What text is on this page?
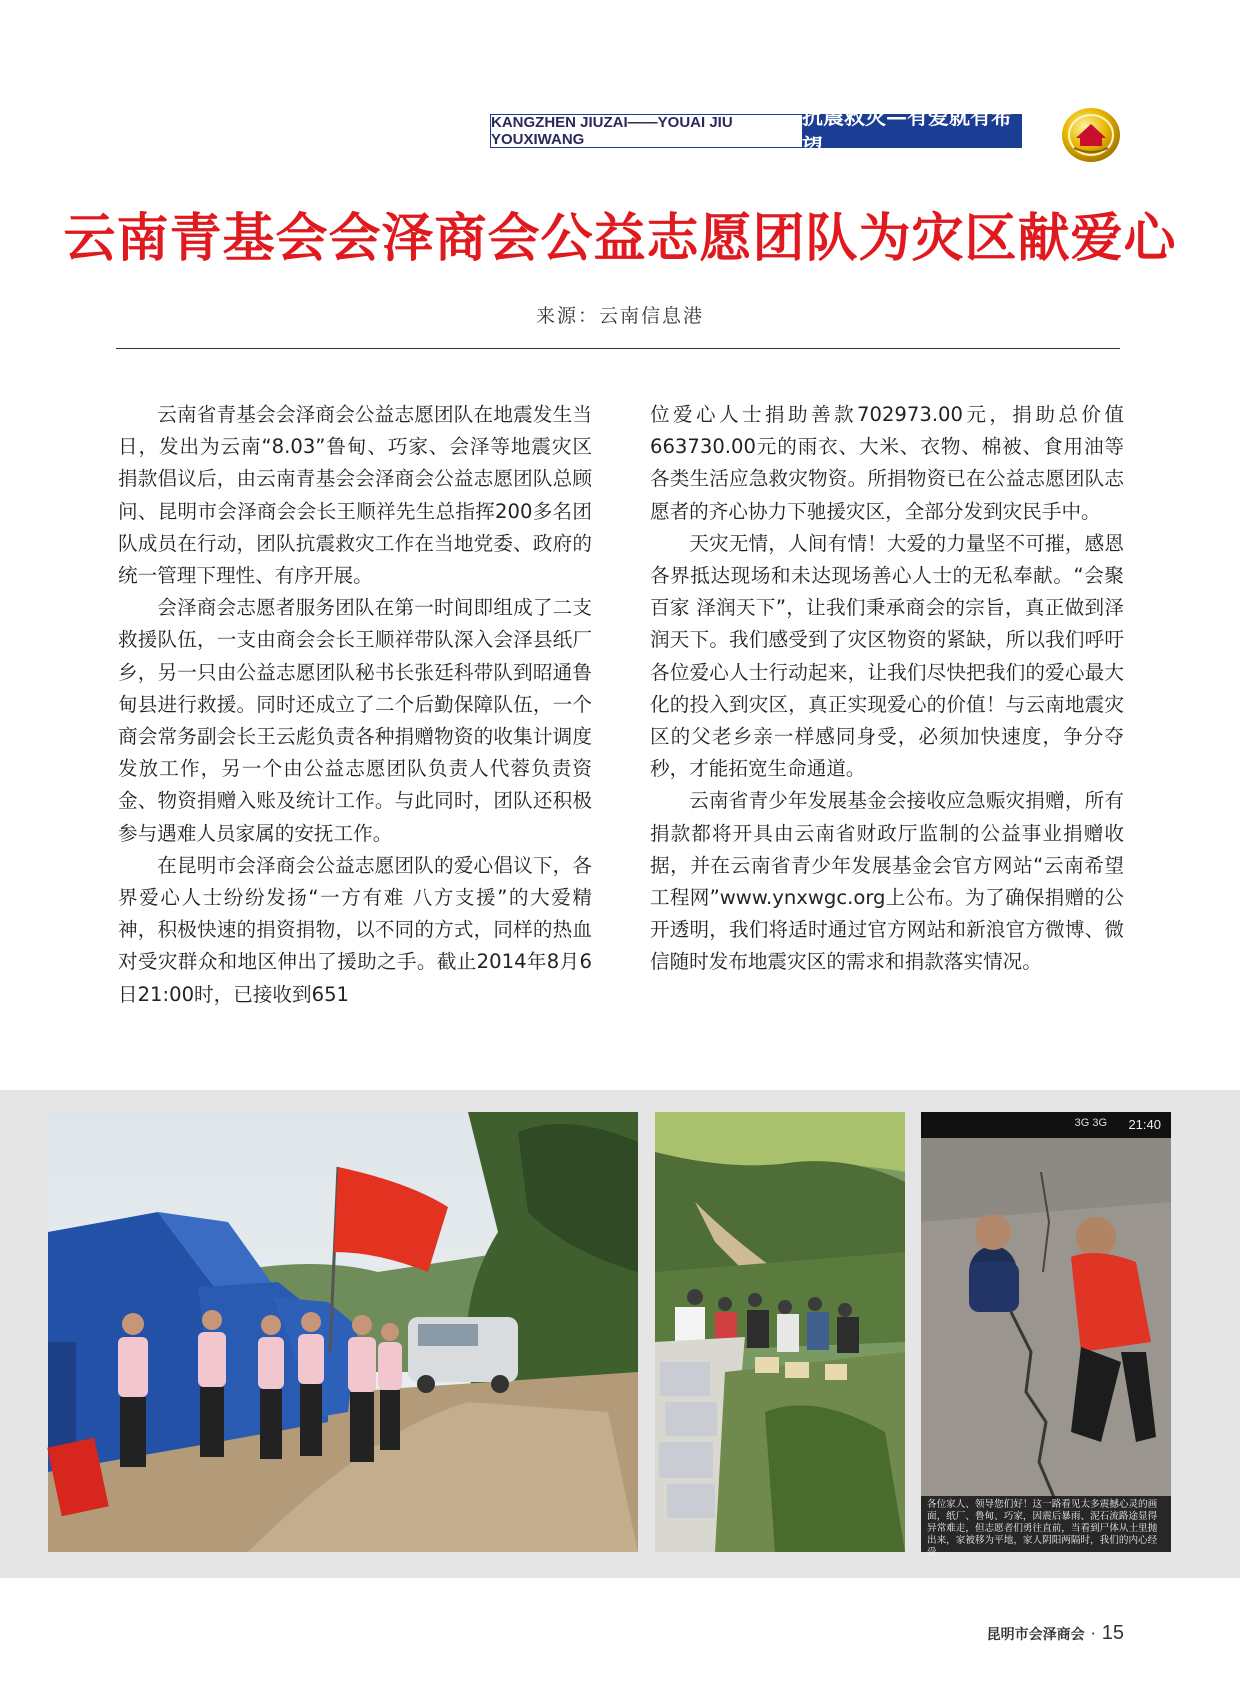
KANGZHEN JIUZAI——YOUAI JIU YOUXIWANG
抗震救灾—有爱就有希望
云南青基会会泽商会公益志愿团队为灾区献爱心
来源：云南信息港

云南省青基会会泽商会公益志愿团队在地震发生当日，发出为云南“8.03”鲁甸、巧家、会泽等地震灾区捐款倡议后，由云南青基会会泽商会公益志愿团队总顾问、昆明市会泽商会会长王顺祥先生总指挥200多名团队成员在行动，团队抗震救灾工作在当地党委、政府的统一管理下理性、有序开展。

会泽商会志愿者服务团队在第一时间即组成了二支救援队伍，一支由商会会长王顺祥带队深入会泽县纸厂乡，另一只由公益志愿团队秘书长张廷科带队到昭通鲁甸县进行救援。同时还成立了二个后勤保障队伍，一个商会常务副会长王云彪负责各种捐赠物资的收集计调度发放工作，另一个由公益志愿团队负责人代蓉负责资金、物资捐赠入账及统计工作。与此同时，团队还积极参与遇难人员家属的安抚工作。

在昆明市会泽商会公益志愿团队的爱心倡议下，各界爱心人士纷纷发扬“一方有难 八方支援”的大爱精神，积极快速的捐资捐物，以不同的方式，同样的热血对受灾群众和地区伸出了援助之手。截止2014年8月6日21:00时，已接收到651

位爱心人士捐助善款702973.00元，捐助总价值663730.00元的雨衣、大米、衣物、棉被、食用油等各类生活应急救灾物资。所捐物资已在公益志愿团队志愿者的齐心协力下驰援灾区，全部分发到灾民手中。

天灾无情，人间有情！大爱的力量坚不可摧，感恩各界抵达现场和未达现场善心人士的无私奉献。“会聚百家 泽润天下”，让我们秉承商会的宗旨，真正做到泽润天下。我们感受到了灾区物资的紧缺，所以我们呼吁各位爱心人士行动起来，让我们尽快把我们的爱心最大化的投入到灾区，真正实现爱心的价值！与云南地震灾区的父老乡亲一样感同身受，必须加快速度，争分夺秒，才能拓宽生命通道。

云南省青少年发展基金会接收应急赈灾捐赠，所有捐款都将开具由云南省财政厅监制的公益事业捐赠收据，并在云南省青少年发展基金会官方网站“云南希望工程网”www.ynxwgc.org上公布。为了确保捐赠的公开透明，我们将适时通过官方网站和新浪官方微博、微信随时发布地震灾区的需求和捐款落实情况。

3G 3G 21:40
各位家人、领导您们好！这一路看见太多震撼心灵的画面，纸厂、鲁甸、巧家，因震后暴雨、泥石流路途显得异常难走，但志愿者们勇往直前，当看到尸体从土里抛出来，家被移为平地，家人阴阳两隔时，我们的内心经受...
昆明市会泽商会 · 15
